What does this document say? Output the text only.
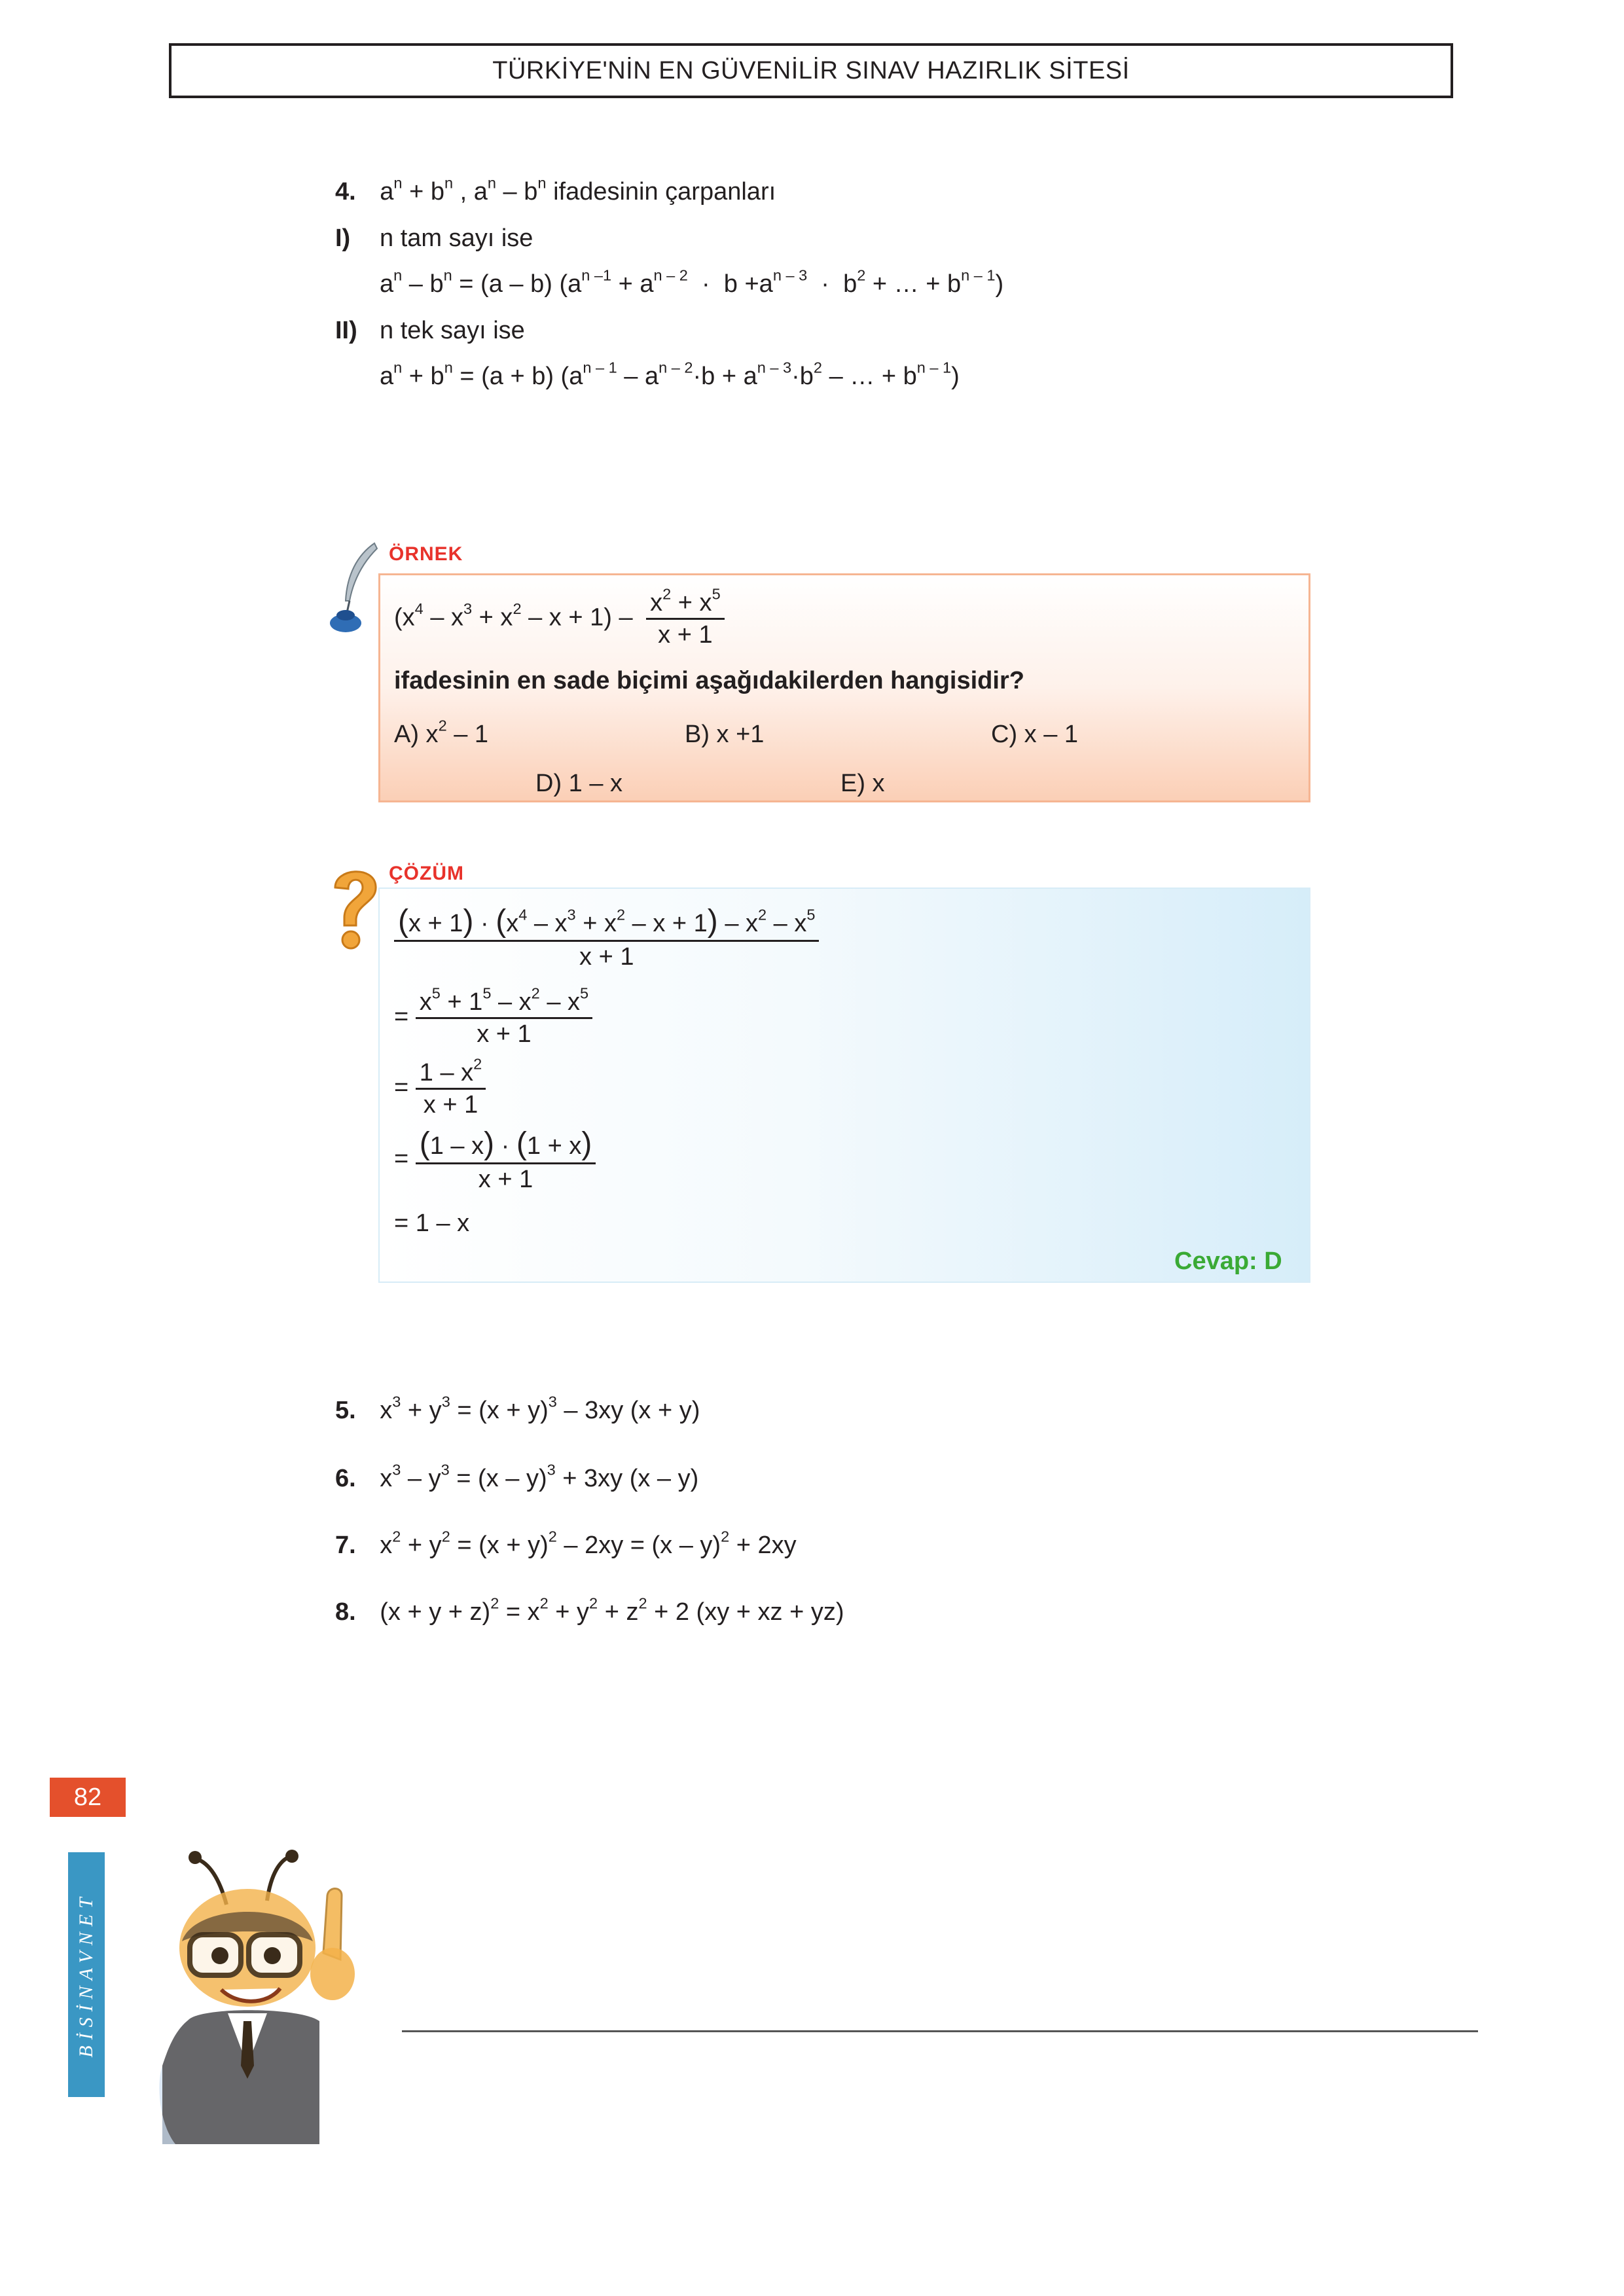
TÜRKİYE'NİN EN GÜVENİLİR SINAV HAZIRLIK SİTESİ
4. $a^n + b^n$ , $a^n - b^n$ ifadesinin çarpanları
I) n tam sayı ise
$a^n - b^n = (a - b) (a^{n -1} + a^{n - 2} \cdot b +a^{n - 3} \cdot b^2$ + … + $b^{n - 1}$)
II) n tek sayı ise
$a^n + b^n = (a + b)$ ($a^{n - 1} - a^{n - 2}\cdot b + a^{n - 3}\cdot b^2$ – … + $b^{n - 1}$)
ÖRNEK
$(x^4 - x^3 + x^2 - x + 1) - \frac{x^2 + x^5}{x + 1}$
ifadesinin en sade biçimi aşağıdakilerden hangisidir?
A) $x^2 - 1$	B) x +1	C) x – 1
D) 1 – x	E) x
ÇÖZÜM
$\frac{(x + 1) \cdot (x^4 - x^3 + x^2 - x + 1) - x^2 - x^5}{x + 1}$
= $\frac{x^5 + 1^5 - x^2 - x^5}{x + 1}$
= $\frac{1 - x^2}{x + 1}$
= $\frac{(1 - x) \cdot (1 + x)}{x + 1}$
= 1 – x
Cevap: D
5. $x^3 + y^3 = (x + y)^3 - 3xy$ (x + y)
6. $x^3 - y^3 = (x - y)^3 + 3xy$ (x – y)
7. $x^2 + y^2 = (x + y)^2 - 2xy = (x - y)^2 + 2xy$
8. $(x + y + z)^2 = x^2 + y^2 + z^2 + 2$ (xy + xz + yz)
82
BİSİNAVNET
